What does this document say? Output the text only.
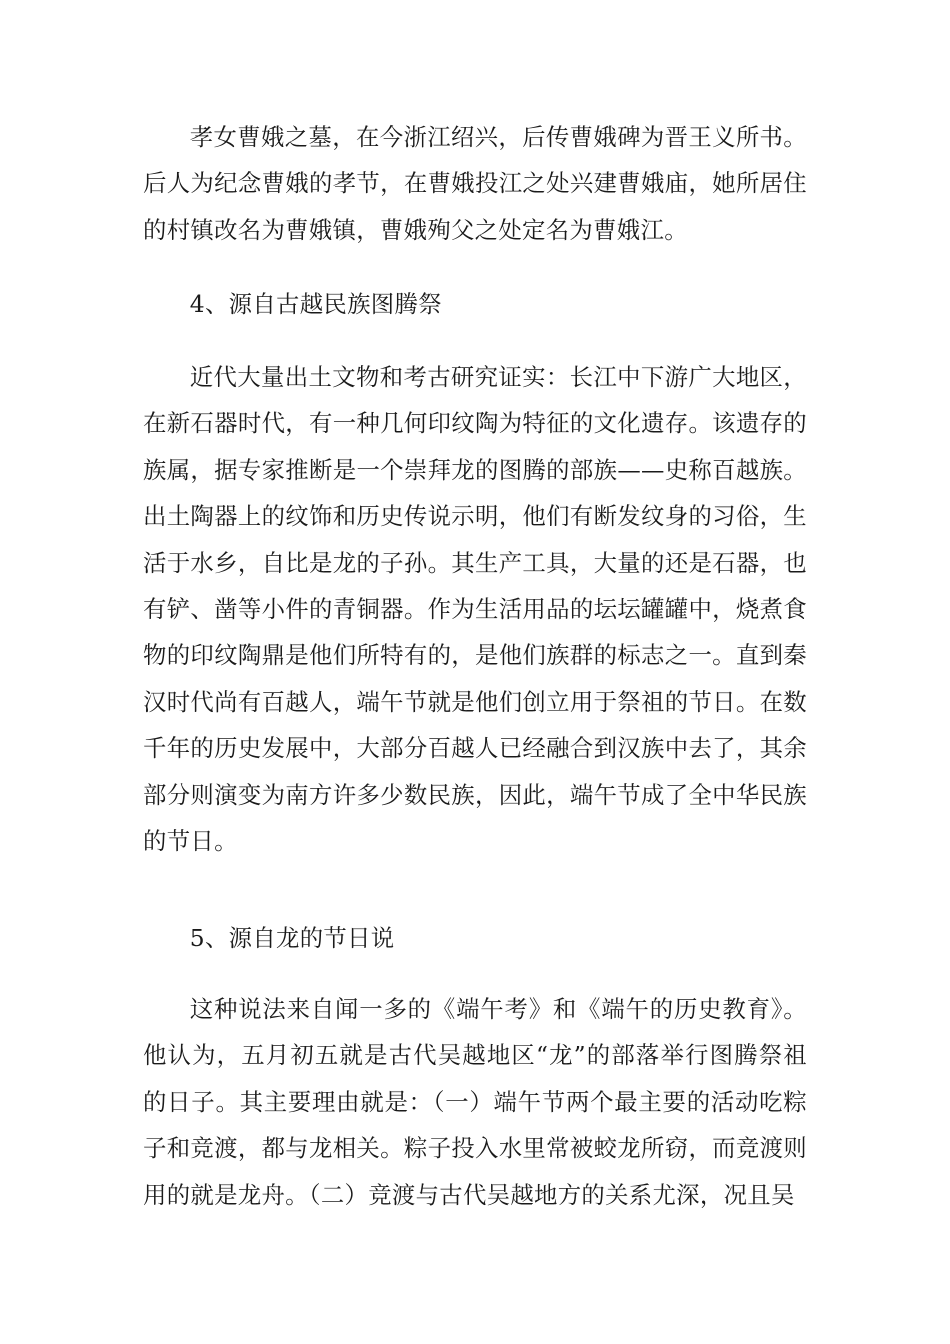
孝女曹娥之墓，在今浙江绍兴，后传曹娥碑为晋王义所书。后人为纪念曹娥的孝节，在曹娥投江之处兴建曹娥庙，她所居住的村镇改名为曹娥镇，曹娥殉父之处定名为曹娥江。

4、源自古越民族图腾祭

近代大量出土文物和考古研究证实：长江中下游广大地区，在新石器时代，有一种几何印纹陶为特征的文化遗存。该遗存的族属，据专家推断是一个崇拜龙的图腾的部族——史称百越族。出土陶器上的纹饰和历史传说示明，他们有断发纹身的习俗，生活于水乡，自比是龙的子孙。其生产工具，大量的还是石器，也有铲、凿等小件的青铜器。作为生活用品的坛坛罐罐中，烧煮食物的印纹陶鼎是他们所特有的，是他们族群的标志之一。直到秦汉时代尚有百越人，端午节就是他们创立用于祭祖的节日。在数千年的历史发展中，大部分百越人已经融合到汉族中去了，其余部分则演变为南方许多少数民族，因此，端午节成了全中华民族的节日。

5、源自龙的节日说

这种说法来自闻一多的《端午考》和《端午的历史教育》。他认为，五月初五就是古代吴越地区“龙”的部落举行图腾祭祖的日子。其主要理由就是：（一）端午节两个最主要的活动吃粽子和竞渡，都与龙相关。粽子投入水里常被蛟龙所窃，而竞渡则用的就是龙舟。（二）竞渡与古代吴越地方的关系尤深，况且吴
